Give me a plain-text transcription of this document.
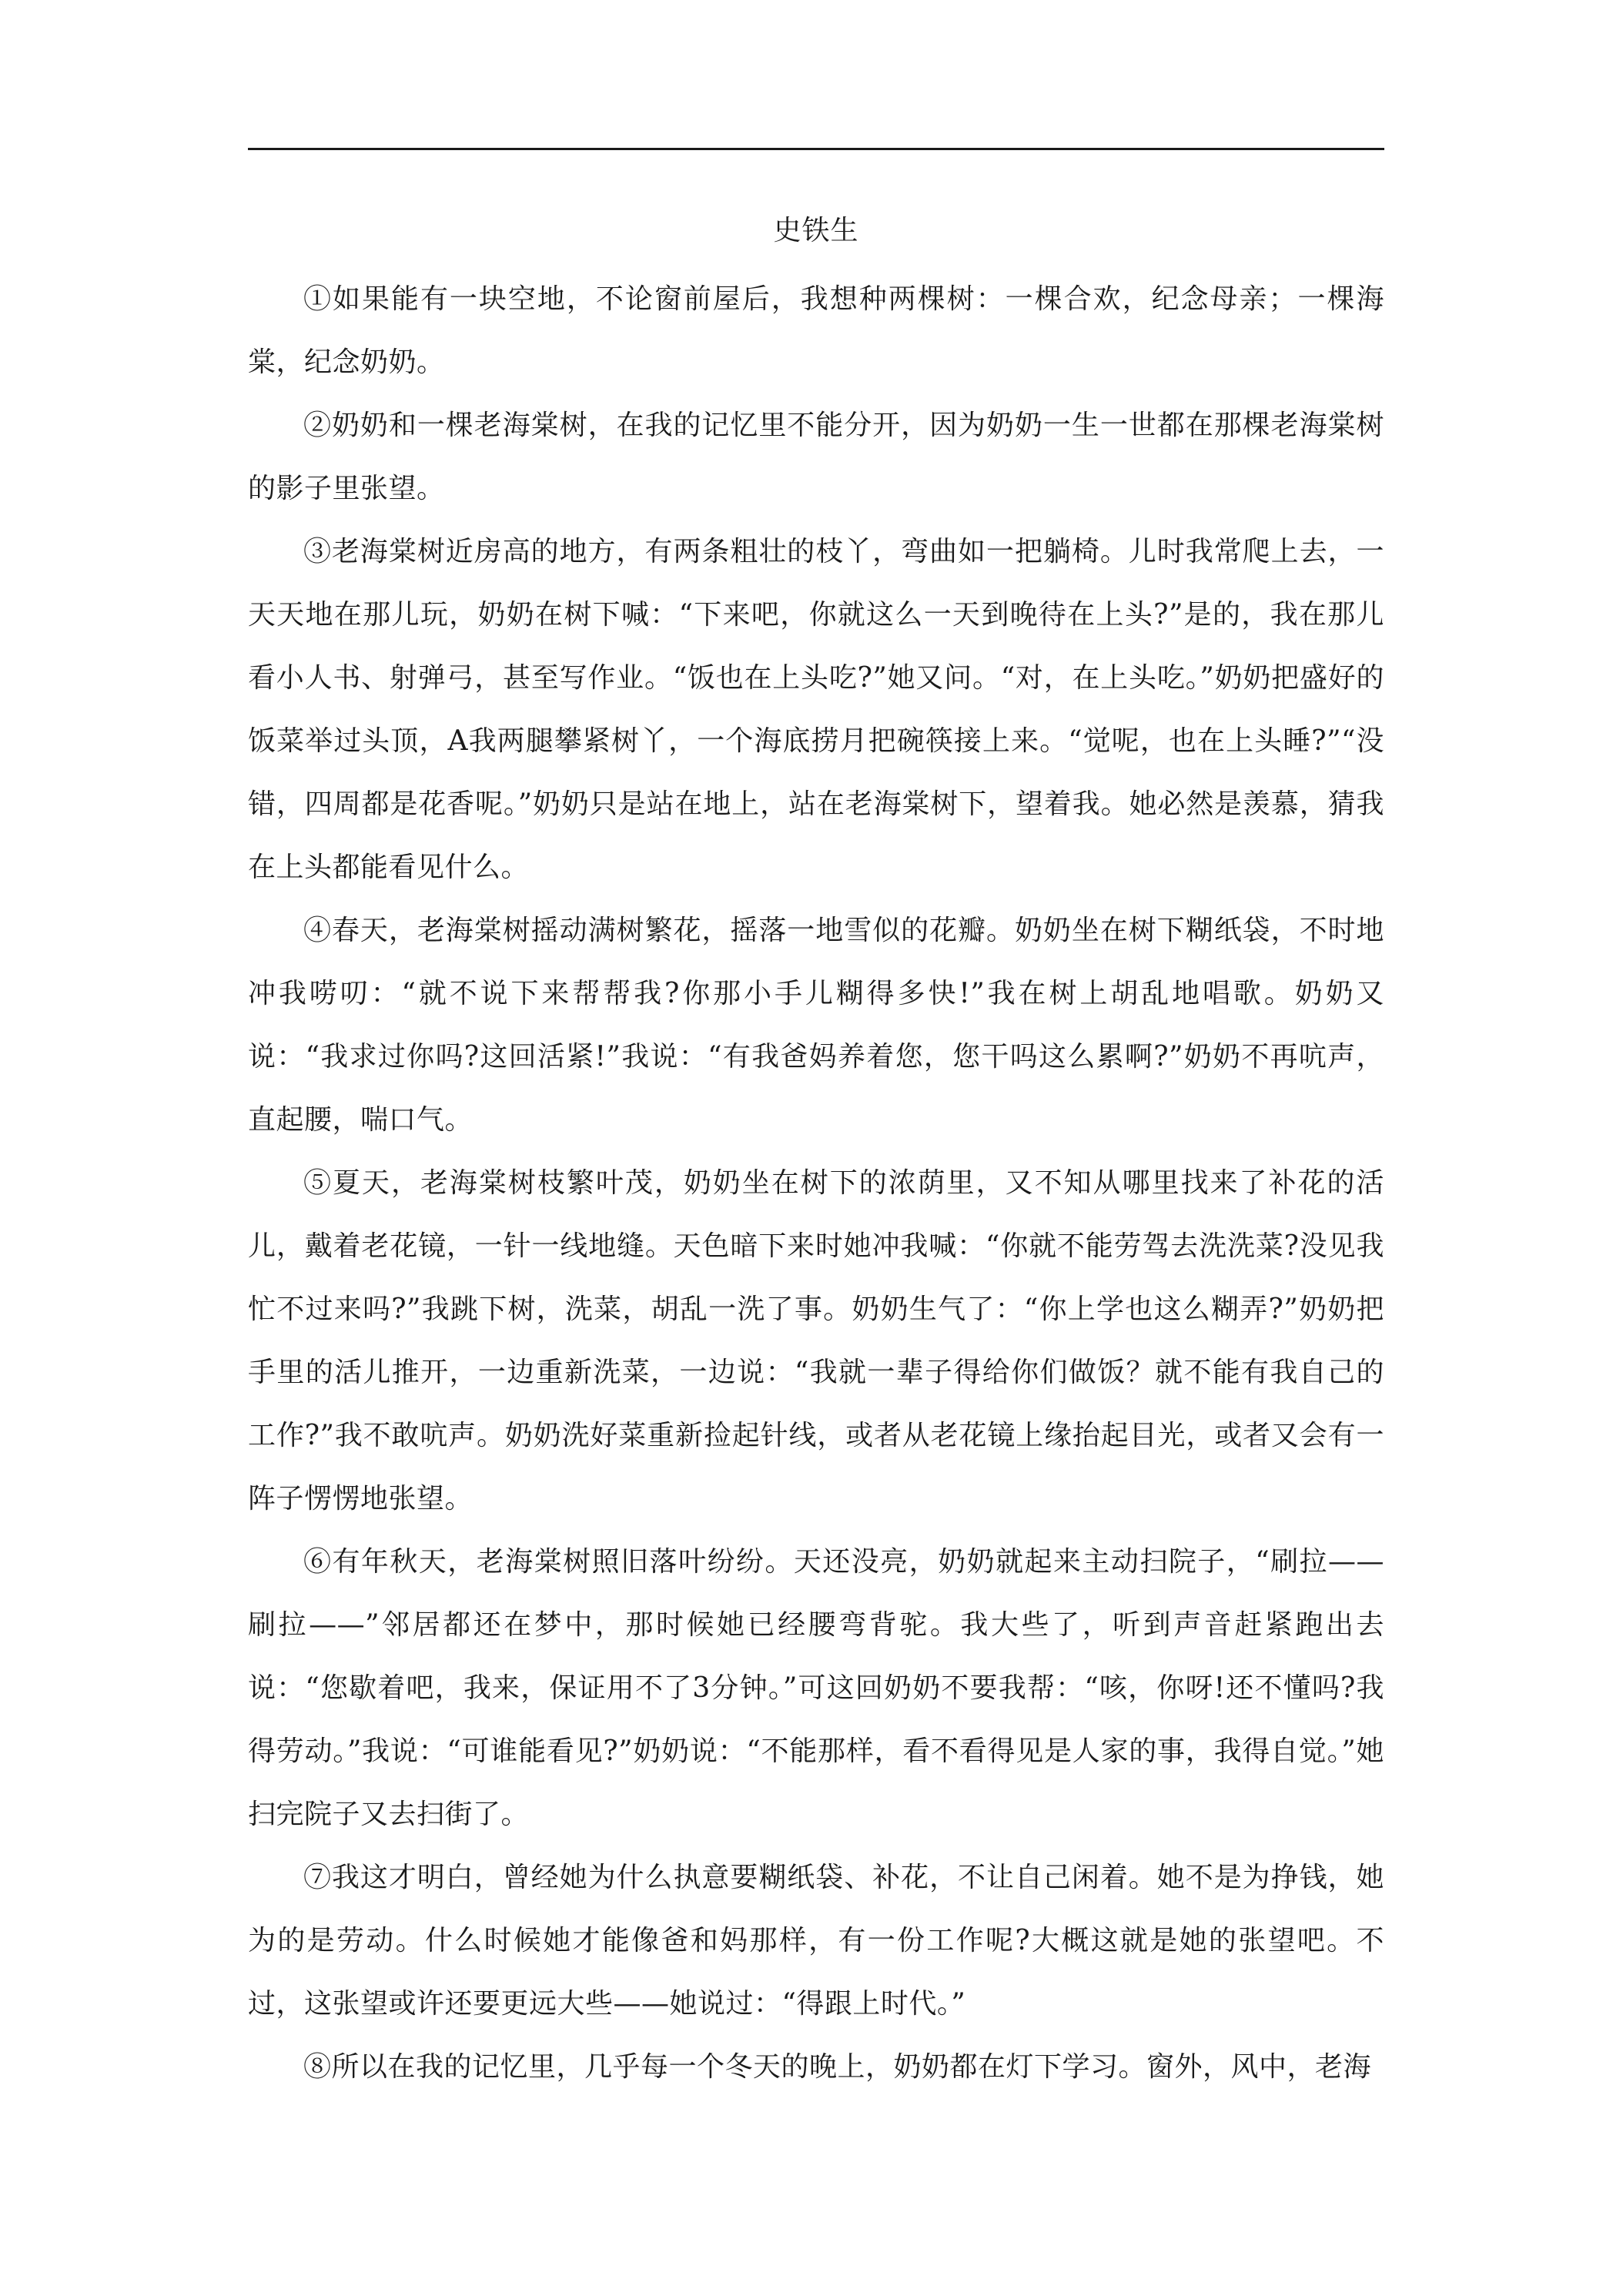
史铁生

①如果能有一块空地，不论窗前屋后，我想种两棵树：一棵合欢，纪念母亲；一棵海棠，纪念奶奶。

②奶奶和一棵老海棠树，在我的记忆里不能分开，因为奶奶一生一世都在那棵老海棠树的影子里张望。

③老海棠树近房高的地方，有两条粗壮的枝丫，弯曲如一把躺椅。儿时我常爬上去，一天天地在那儿玩，奶奶在树下喊：“下来吧，你就这么一天到晚待在上头?”是的，我在那儿看小人书、射弹弓，甚至写作业。“饭也在上头吃?”她又问。“对，在上头吃。”奶奶把盛好的饭菜举过头顶，A我两腿攀紧树丫，一个海底捞月把碗筷接上来。“觉呢，也在上头睡?”“没错，四周都是花香呢。”奶奶只是站在地上，站在老海棠树下，望着我。她必然是羡慕，猜我在上头都能看见什么。

④春天，老海棠树摇动满树繁花，摇落一地雪似的花瓣。奶奶坐在树下糊纸袋，不时地冲我唠叨：“就不说下来帮帮我?你那小手儿糊得多快!”我在树上胡乱地唱歌。奶奶又说：“我求过你吗?这回活紧!”我说：“有我爸妈养着您，您干吗这么累啊?”奶奶不再吭声，直起腰，喘口气。

⑤夏天，老海棠树枝繁叶茂，奶奶坐在树下的浓荫里，又不知从哪里找来了补花的活儿，戴着老花镜，一针一线地缝。天色暗下来时她冲我喊：“你就不能劳驾去洗洗菜?没见我忙不过来吗?”我跳下树，洗菜，胡乱一洗了事。奶奶生气了：“你上学也这么糊弄?”奶奶把手里的活儿推开，一边重新洗菜，一边说：“我就一辈子得给你们做饭？就不能有我自己的工作?”我不敢吭声。奶奶洗好菜重新捡起针线，或者从老花镜上缘抬起目光，或者又会有一阵子愣愣地张望。

⑥有年秋天，老海棠树照旧落叶纷纷。天还没亮，奶奶就起来主动扫院子，“刷拉——刷拉——”邻居都还在梦中，那时候她已经腰弯背驼。我大些了，听到声音赶紧跑出去说：“您歇着吧，我来，保证用不了3分钟。”可这回奶奶不要我帮：“咳，你呀!还不懂吗?我得劳动。”我说：“可谁能看见?”奶奶说：“不能那样，看不看得见是人家的事，我得自觉。”她扫完院子又去扫街了。

⑦我这才明白，曾经她为什么执意要糊纸袋、补花，不让自己闲着。她不是为挣钱，她为的是劳动。什么时候她才能像爸和妈那样，有一份工作呢?大概这就是她的张望吧。不过，这张望或许还要更远大些——她说过：“得跟上时代。”

⑧所以在我的记忆里，几乎每一个冬天的晚上，奶奶都在灯下学习。窗外，风中，老海
